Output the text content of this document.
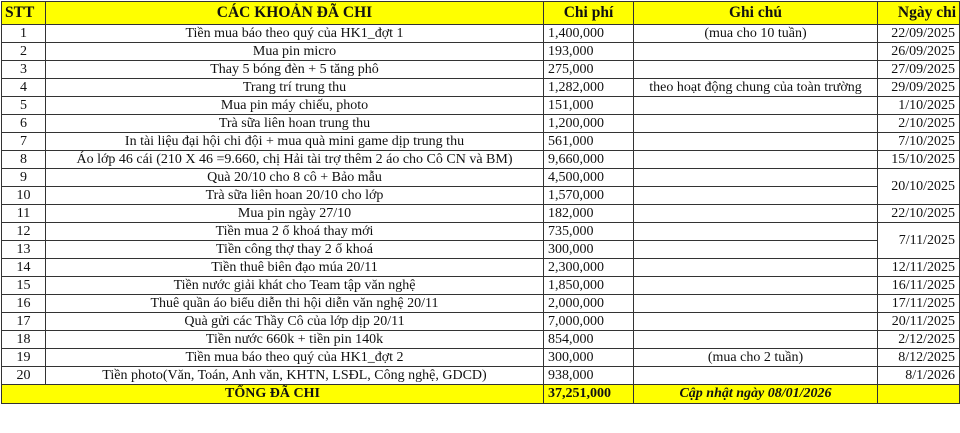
STT	CÁC KHOẢN ĐÃ CHI	Chi phí	Ghi chú	Ngày chi
1	Tiền mua báo theo quý của HK1_đợt 1	1,400,000	(mua cho 10 tuần)	22/09/2025
2	Mua pin micro	193,000		26/09/2025
3	Thay 5 bóng đèn + 5 tăng phô	275,000		27/09/2025
4	Trang trí trung thu	1,282,000	theo hoạt động chung của toàn trường	29/09/2025
5	Mua pin máy chiếu, photo	151,000		1/10/2025
6	Trà sữa liên hoan trung thu	1,200,000		2/10/2025
7	In tài liệu đại hội chi đội + mua quà mini game dịp trung thu	561,000		7/10/2025
8	Áo lớp 46 cái (210 X 46 =9.660, chị Hải tài trợ thêm 2 áo cho Cô CN và BM)	9,660,000		15/10/2025
9	Quà 20/10 cho 8 cô + Bảo mẫu	4,500,000		20/10/2025
10	Trà sữa liên hoan 20/10 cho lớp	1,570,000		
11	Mua pin ngày 27/10	182,000		22/10/2025
12	Tiền mua 2 ổ khoá thay mới	735,000		7/11/2025
13	Tiền công thợ thay 2 ổ khoá	300,000		
14	Tiền thuê biên đạo múa 20/11	2,300,000		12/11/2025
15	Tiền nước giải khát cho Team tập văn nghệ	1,850,000		16/11/2025
16	Thuê quần áo biểu diễn thi hội diễn văn nghệ 20/11	2,000,000		17/11/2025
17	Quà gửi các Thầy Cô của lớp dịp 20/11	7,000,000		20/11/2025
18	Tiền nước 660k + tiền pin 140k	854,000		2/12/2025
19	Tiền mua báo theo quý của HK1_đợt 2	300,000	(mua cho 2 tuần)	8/12/2025
20	Tiền photo(Văn, Toán, Anh văn, KHTN, LSĐL, Công nghệ, GDCD)	938,000		8/1/2026
TỔNG ĐÃ CHI		37,251,000	Cập nhật ngày 08/01/2026	
